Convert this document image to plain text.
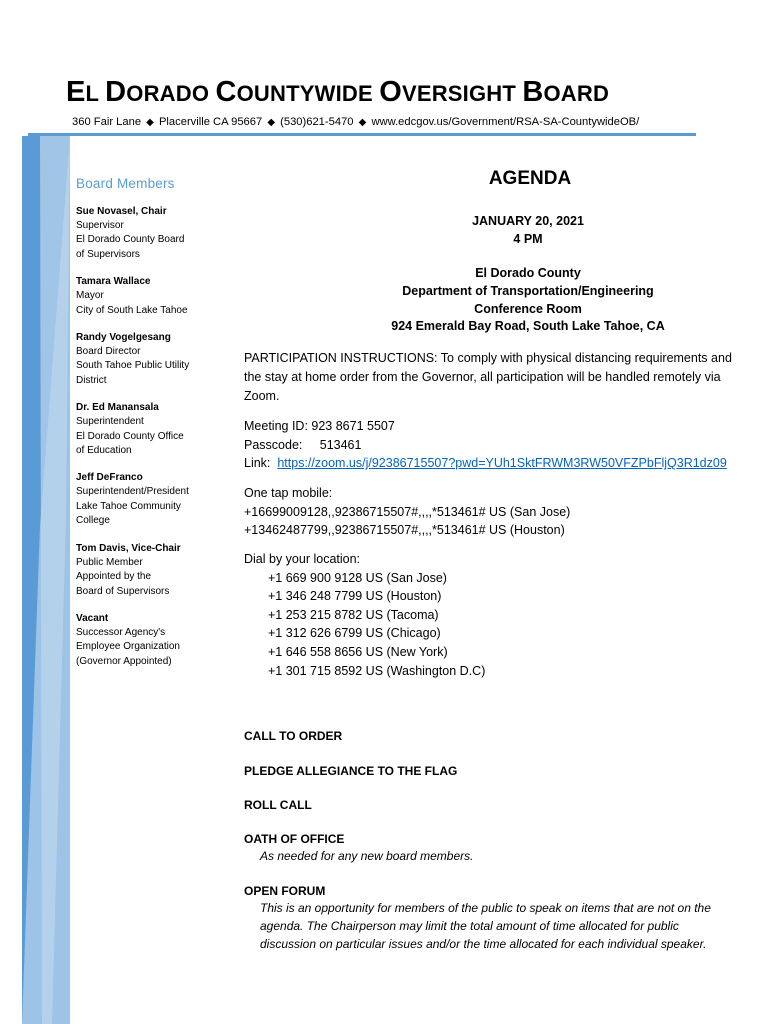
EL DORADO COUNTYWIDE OVERSIGHT BOARD
360 Fair Lane ◆ Placerville CA 95667 ◆ (530)621-5470 ◆ www.edcgov.us/Government/RSA-SA-CountywideOB/
Board Members
Sue Novasel, Chair
Supervisor
El Dorado County Board
of Supervisors
Tamara Wallace
Mayor
City of South Lake Tahoe
Randy Vogelgesang
Board Director
South Tahoe Public Utility
District
Dr. Ed Manansala
Superintendent
El Dorado County Office
of Education
Jeff DeFranco
Superintendent/President
Lake Tahoe Community
College
Tom Davis, Vice-Chair
Public Member
Appointed by the
Board of Supervisors
Vacant
Successor Agency's
Employee Organization
(Governor Appointed)
AGENDA
JANUARY 20, 2021
4 PM
El Dorado County
Department of Transportation/Engineering
Conference Room
924 Emerald Bay Road, South Lake Tahoe, CA
PARTICIPATION INSTRUCTIONS: To comply with physical distancing requirements and the stay at home order from the Governor, all participation will be handled remotely via Zoom.
Meeting ID: 923 8671 5507
Passcode: 513461
Link: https://zoom.us/j/92386715507?pwd=YUh1SktFRWM3RW50VFZPbFljQ3R1dz09
One tap mobile:
+16699009128,,92386715507#,,,,*513461# US (San Jose)
+13462487799,,92386715507#,,,,*513461# US (Houston)
Dial by your location:
+1 669 900 9128 US (San Jose)
+1 346 248 7799 US (Houston)
+1 253 215 8782 US (Tacoma)
+1 312 626 6799 US (Chicago)
+1 646 558 8656 US (New York)
+1 301 715 8592 US (Washington D.C)
CALL TO ORDER
PLEDGE ALLEGIANCE TO THE FLAG
ROLL CALL
OATH OF OFFICE
As needed for any new board members.
OPEN FORUM
This is an opportunity for members of the public to speak on items that are not on the agenda. The Chairperson may limit the total amount of time allocated for public discussion on particular issues and/or the time allocated for each individual speaker.
